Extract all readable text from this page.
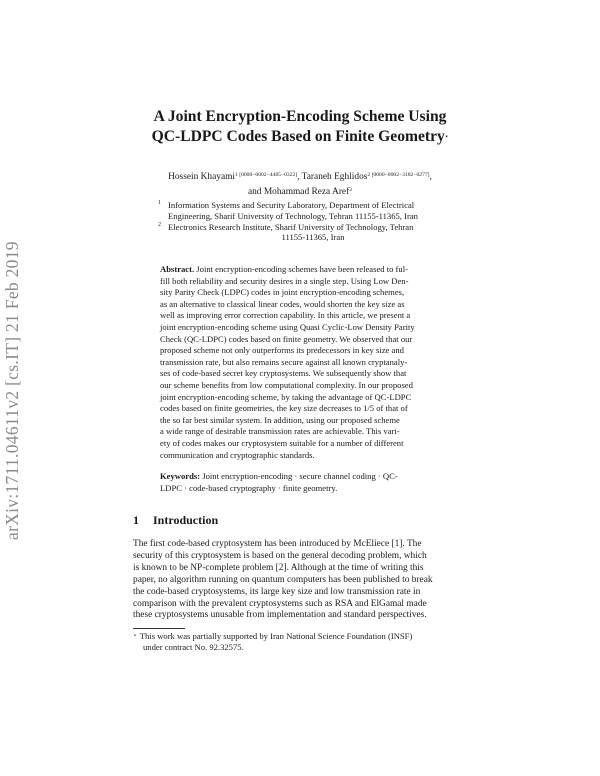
arXiv:1711.04611v2 [cs.IT] 21 Feb 2019
A Joint Encryption-Encoding Scheme Using
QC-LDPC Codes Based on Finite Geometry⋆
Hossein Khayami$^{1 [0000-0002-4485-0322]}$, Taraneh Eghlidos$^{2 [0000-0002-3182-0277]}$,
and Mohammad Reza Aref$^2$
1 Information Systems and Security Laboratory, Department of Electrical
Engineering, Sharif University of Technology, Tehran 11155-11365, Iran
2 Electronics Research Institute, Sharif University of Technology, Tehran
11155-11365, Iran
Abstract. Joint encryption-encoding schemes have been released to ful-
fill both reliability and security desires in a single step. Using Low Den-
sity Parity Check (LDPC) codes in joint encryption-encoding schemes,
as an alternative to classical linear codes, would shorten the key size as
well as improving error correction capability. In this article, we present a
joint encryption-encoding scheme using Quasi Cyclic-Low Density Parity
Check (QC-LDPC) codes based on finite geometry. We observed that our
proposed scheme not only outperforms its predecessors in key size and
transmission rate, but also remains secure against all known cryptanaly-
ses of code-based secret key cryptosystems. We subsequently show that
our scheme benefits from low computational complexity. In our proposed
joint encryption-encoding scheme, by taking the advantage of QC-LDPC
codes based on finite geometries, the key size decreases to 1/5 of that of
the so far best similar system. In addition, using our proposed scheme
a wide range of desirable transmission rates are achievable. This vari-
ety of codes makes our cryptosystem suitable for a number of different
communication and cryptographic standards.
Keywords: Joint encryption-encoding · secure channel coding · QC-
LDPC · code-based cryptography · finite geometry.
1 Introduction
The first code-based cryptosystem has been introduced by McEliece [1]. The
security of this cryptosystem is based on the general decoding problem, which
is known to be NP-complete problem [2]. Although at the time of writing this
paper, no algorithm running on quantum computers has been published to break
the code-based cryptosystems, its large key size and low transmission rate in
comparison with the prevalent cryptosystems such as RSA and ElGamal made
these cryptosystems unusable from implementation and standard perspectives.
⋆ This work was partially supported by Iran National Science Foundation (INSF)
under contract No. 92.32575.
